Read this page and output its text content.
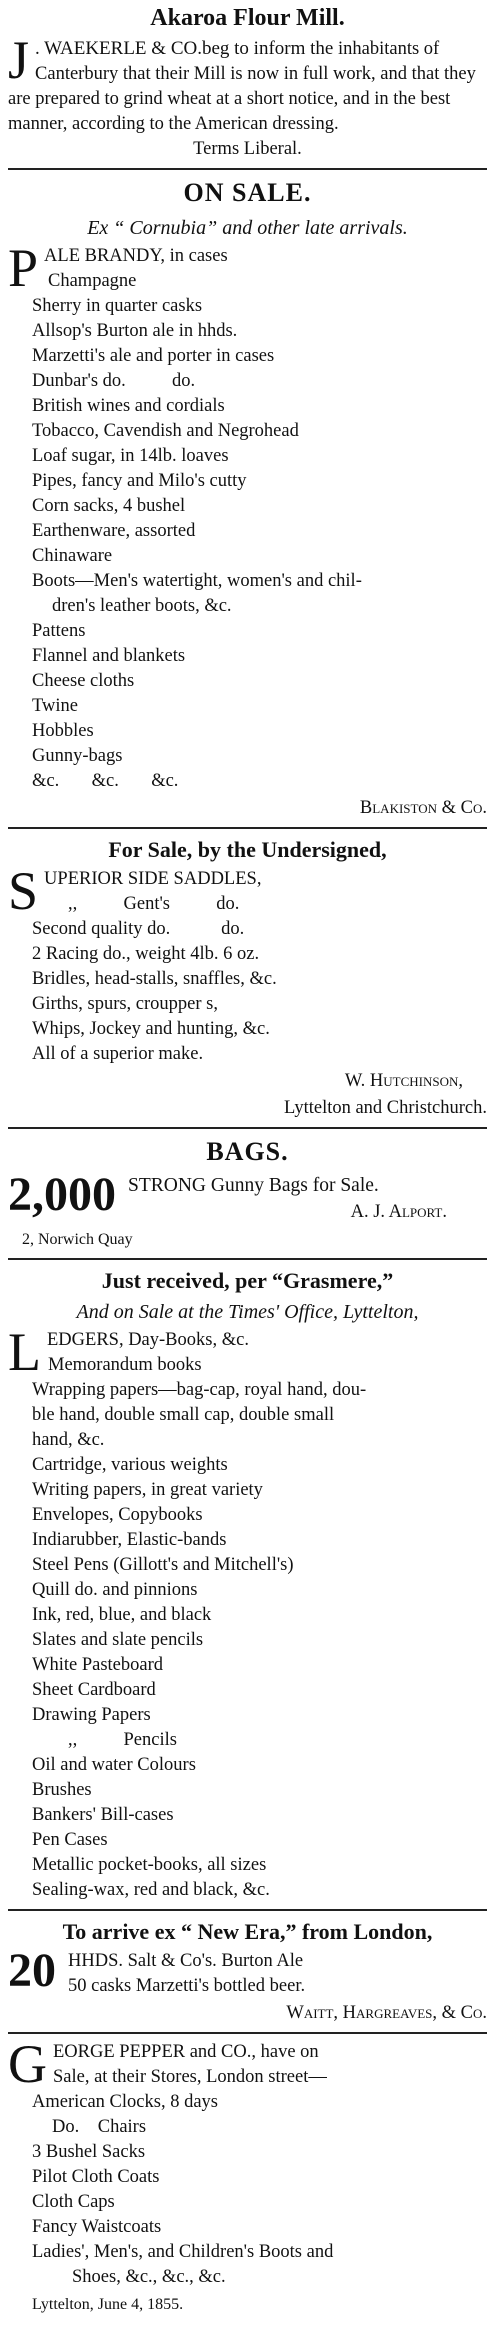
Akaroa Flour Mill.
J . WAEKERLE & CO.beg to inform the inhabitants of Canterbury that their Mill is now in full work, and that they are prepared to grind wheat at a short notice, and in the best manner, according to the American dressing.
Terms Liberal.
ON SALE.
Ex “ Cornubia” and other late arrivals.
P ALE BRANDY, in cases
Champagne
Sherry in quarter casks
Allsop's Burton ale in hhds.
Marzetti's ale and porter in cases
Dunbar's do.          do.
British wines and cordials
Tobacco, Cavendish and Negrohead
Loaf sugar, in 14lb. loaves
Pipes, fancy and Milo's cutty
Corn sacks, 4 bushel
Earthenware, assorted
Chinaware
Boots—Men's watertight, women's and chil-
dren's leather boots, &c.
Pattens
Flannel and blankets
Cheese cloths
Twine
Hobbles
Gunny-bags
&c.       &c.       &c.
Blakiston & Co.
For Sale, by the Undersigned,
S UPERIOR SIDE SADDLES,
,,          Gent's          do.
Second quality do.           do.
2 Racing do., weight 4lb. 6 oz.
Bridles, head-stalls, snaffles, &c.
Girths, spurs, croupper s,
Whips, Jockey and hunting, &c.
All of a superior make.
W. Hutchinson,
Lyttelton and Christchurch.
BAGS.
2,000 STRONG Gunny Bags for Sale.
A. J. Alport.
2, Norwich Quay
Just received, per “Grasmere,”
And on Sale at the Times' Office, Lyttelton,
L EDGERS, Day-Books, &c.
Memorandum books
Wrapping papers—bag-cap, royal hand, dou-
ble hand, double small cap, double small
hand, &c.
Cartridge, various weights
Writing papers, in great variety
Envelopes, Copybooks
Indiarubber, Elastic-bands
Steel Pens (Gillott's and Mitchell's)
Quill do. and pinnions
Ink, red, blue, and black
Slates and slate pencils
White Pasteboard
Sheet Cardboard
Drawing Papers
,,          Pencils
Oil and water Colours
Brushes
Bankers' Bill-cases
Pen Cases
Metallic pocket-books, all sizes
Sealing-wax, red and black, &c.
To arrive ex “ New Era,” from London,
20 HHDS. Salt & Co's. Burton Ale
50 casks Marzetti's bottled beer.
Waitt, Hargreaves, & Co.
G EORGE PEPPER and CO., have on
Sale, at their Stores, London street—
American Clocks, 8 days
Do.    Chairs
3 Bushel Sacks
Pilot Cloth Coats
Cloth Caps
Fancy Waistcoats
Ladies', Men's, and Children's Boots and
Shoes, &c., &c., &c.
Lyttelton, June 4, 1855.
